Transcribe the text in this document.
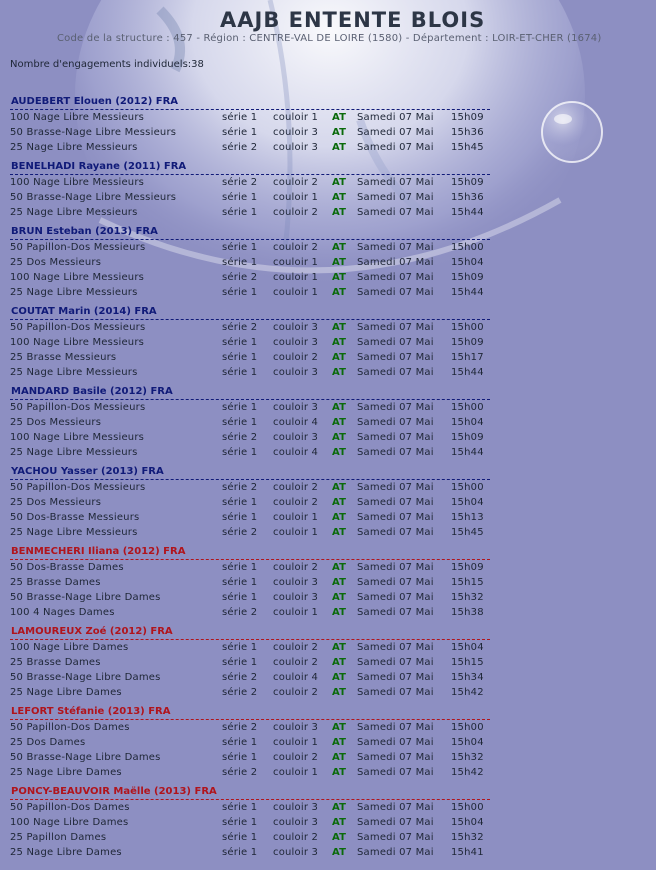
AAJB ENTENTE BLOIS
Code de la structure : 457 - Région : CENTRE-VAL DE LOIRE (1580) - Département : LOIR-ET-CHER (1674)
Nombre d'engagements individuels:38
AUDEBERT Elouen (2012) FRA
100 Nage Libre Messieurs	série 1 couloir 1 AT Samedi 07 Mai 15h09
50 Brasse-Nage Libre Messieurs	série 1 couloir 3 AT Samedi 07 Mai 15h36
25 Nage Libre Messieurs	série 2 couloir 3 AT Samedi 07 Mai 15h45
BENELHADI Rayane (2011) FRA
100 Nage Libre Messieurs	série 2 couloir 2 AT Samedi 07 Mai 15h09
50 Brasse-Nage Libre Messieurs	série 1 couloir 1 AT Samedi 07 Mai 15h36
25 Nage Libre Messieurs	série 1 couloir 2 AT Samedi 07 Mai 15h44
BRUN Esteban (2013) FRA
50 Papillon-Dos Messieurs	série 1 couloir 2 AT Samedi 07 Mai 15h00
25 Dos Messieurs	série 1 couloir 1 AT Samedi 07 Mai 15h04
100 Nage Libre Messieurs	série 2 couloir 1 AT Samedi 07 Mai 15h09
25 Nage Libre Messieurs	série 1 couloir 1 AT Samedi 07 Mai 15h44
COUTAT Marin (2014) FRA
50 Papillon-Dos Messieurs	série 2 couloir 3 AT Samedi 07 Mai 15h00
100 Nage Libre Messieurs	série 1 couloir 3 AT Samedi 07 Mai 15h09
25 Brasse Messieurs	série 1 couloir 2 AT Samedi 07 Mai 15h17
25 Nage Libre Messieurs	série 1 couloir 3 AT Samedi 07 Mai 15h44
MANDARD Basile (2012) FRA
50 Papillon-Dos Messieurs	série 1 couloir 3 AT Samedi 07 Mai 15h00
25 Dos Messieurs	série 1 couloir 4 AT Samedi 07 Mai 15h04
100 Nage Libre Messieurs	série 2 couloir 3 AT Samedi 07 Mai 15h09
25 Nage Libre Messieurs	série 1 couloir 4 AT Samedi 07 Mai 15h44
YACHOU Yasser (2013) FRA
50 Papillon-Dos Messieurs	série 2 couloir 2 AT Samedi 07 Mai 15h00
25 Dos Messieurs	série 1 couloir 2 AT Samedi 07 Mai 15h04
50 Dos-Brasse Messieurs	série 1 couloir 1 AT Samedi 07 Mai 15h13
25 Nage Libre Messieurs	série 2 couloir 1 AT Samedi 07 Mai 15h45
BENMECHERI Iliana (2012) FRA
50 Dos-Brasse Dames	série 1 couloir 2 AT Samedi 07 Mai 15h09
25 Brasse Dames	série 1 couloir 3 AT Samedi 07 Mai 15h15
50 Brasse-Nage Libre Dames	série 1 couloir 3 AT Samedi 07 Mai 15h32
100 4 Nages Dames	série 2 couloir 1 AT Samedi 07 Mai 15h38
LAMOUREUX Zoé (2012) FRA
100 Nage Libre Dames	série 1 couloir 2 AT Samedi 07 Mai 15h04
25 Brasse Dames	série 1 couloir 2 AT Samedi 07 Mai 15h15
50 Brasse-Nage Libre Dames	série 2 couloir 4 AT Samedi 07 Mai 15h34
25 Nage Libre Dames	série 2 couloir 2 AT Samedi 07 Mai 15h42
LEFORT Stéfanie (2013) FRA
50 Papillon-Dos Dames	série 2 couloir 3 AT Samedi 07 Mai 15h00
25 Dos Dames	série 1 couloir 1 AT Samedi 07 Mai 15h04
50 Brasse-Nage Libre Dames	série 1 couloir 2 AT Samedi 07 Mai 15h32
25 Nage Libre Dames	série 2 couloir 1 AT Samedi 07 Mai 15h42
PONCY-BEAUVOIR Maëlle (2013) FRA
50 Papillon-Dos Dames	série 1 couloir 3 AT Samedi 07 Mai 15h00
100 Nage Libre Dames	série 1 couloir 3 AT Samedi 07 Mai 15h04
25 Papillon Dames	série 1 couloir 2 AT Samedi 07 Mai 15h32
25 Nage Libre Dames	série 1 couloir 3 AT Samedi 07 Mai 15h41
